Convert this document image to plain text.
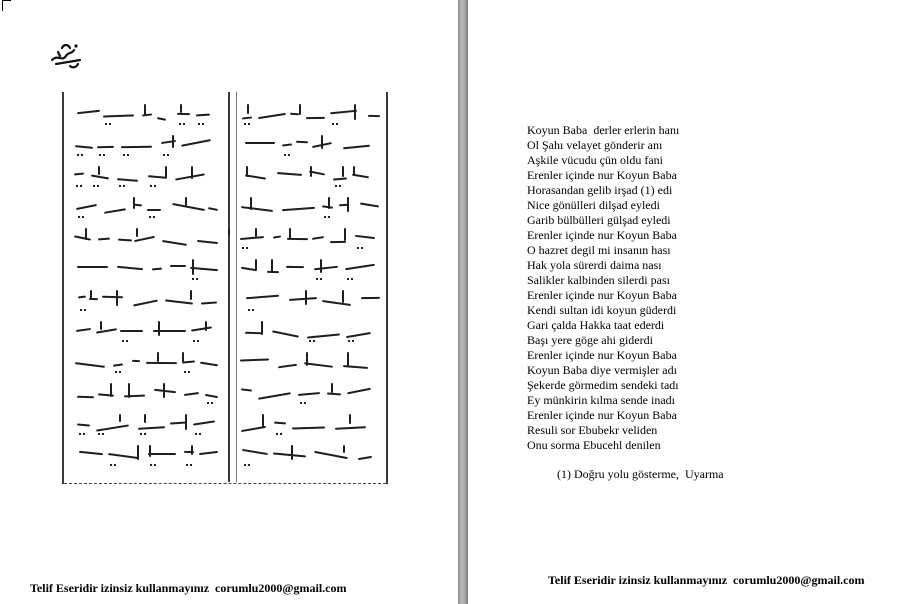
Telif Eseridir izinsiz kullanmayınız  corumlu2000@gmail.com
Koyun Baba  derler erlerin hanı
Ol Şahı velayet gönderir anı
Aşkile vücudu çün oldu fani
Erenler içinde nur Koyun Baba
Horasandan gelib irşad (1) edi
Nice gönülleri dilşad eyledi
Garib bülbülleri gülşad eyledi
Erenler içinde nur Koyun Baba
O hazret degil mi insanın hası
Hak yola sürerdi daima nası
Salikler kalbinden silerdi pası
Erenler içinde nur Koyun Baba
Kendi sultan idi koyun güderdi
Gari çalda Hakka taat ederdi
Başı yere göge ahi giderdi
Erenler içinde nur Koyun Baba
Koyun Baba diye vermişler adı
Şekerde görmedim sendeki tadı
Ey münkirin kılma sende inadı
Erenler içinde nur Koyun Baba
Resuli sor Ebubekr veliden
Onu sorma Ebucehl denilen
(1) Doğru yolu gösterme,  Uyarma
Telif Eseridir izinsiz kullanmayınız  corumlu2000@gmail.com
